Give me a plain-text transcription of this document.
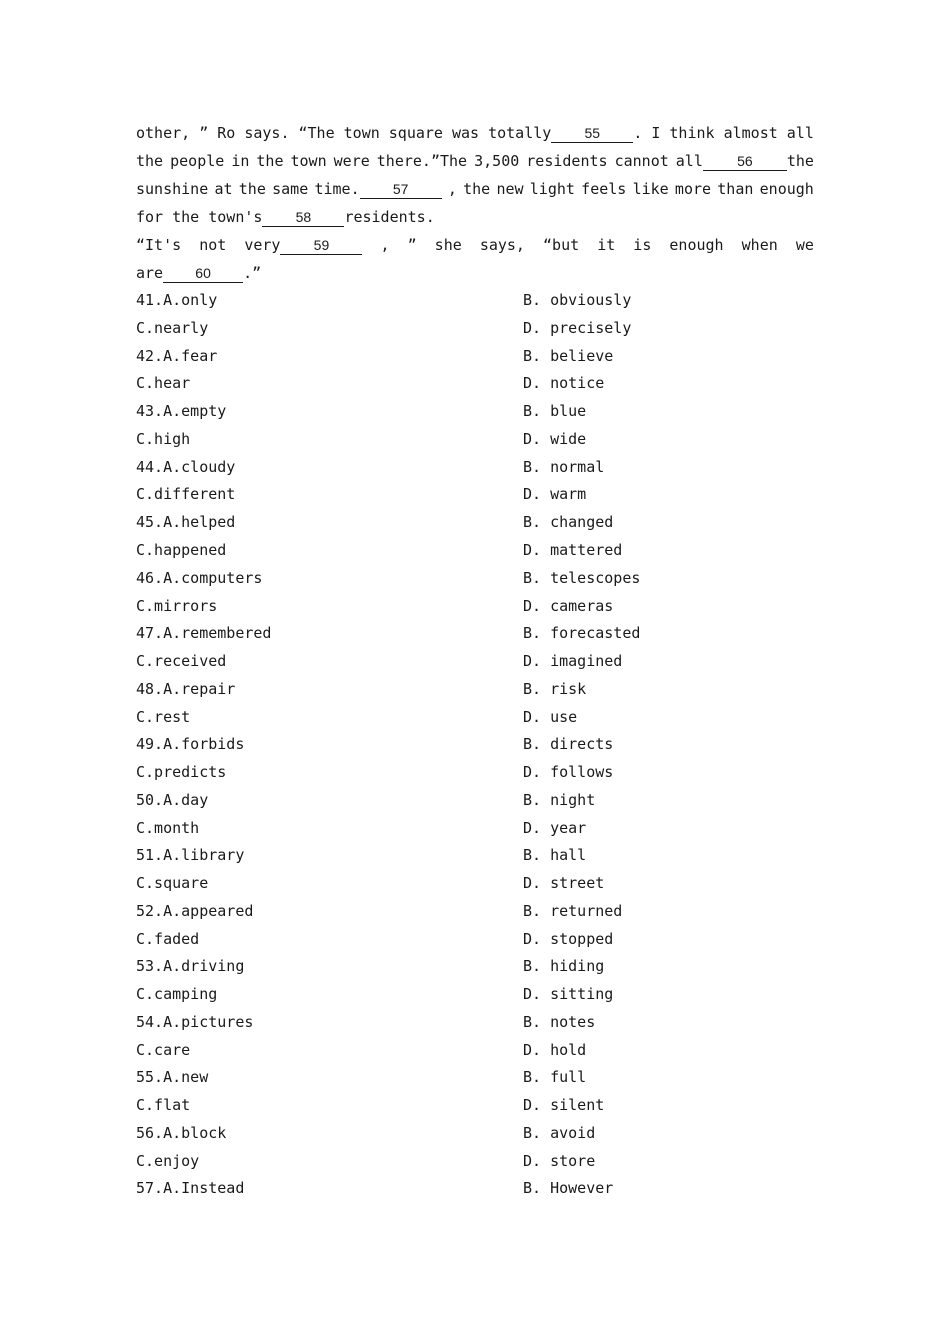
other, ” Ro says. “The town square was totally 55 . I think almost all
the people in the town were there.”The 3,500 residents cannot all 56 the
sunshine at the same time. 57	, the new light feels like more than enough
for the town's 58 residents.
“It's not very 59	, ” she says, “but it is enough when we
are 60 .”
41.A.only	B. obviously
C.nearly	D. precisely
42.A.fear	B. believe
C.hear	D. notice
43.A.empty	B. blue
C.high	D. wide
44.A.cloudy	B. normal
C.different	D. warm
45.A.helped	B. changed
C.happened	D. mattered
46.A.computers	B. telescopes
C.mirrors	D. cameras
47.A.remembered	B. forecasted
C.received	D. imagined
48.A.repair	B. risk
C.rest	D. use
49.A.forbids	B. directs
C.predicts	D. follows
50.A.day	B. night
C.month	D. year
51.A.library	B. hall
C.square	D. street
52.A.appeared	B. returned
C.faded	D. stopped
53.A.driving	B. hiding
C.camping	D. sitting
54.A.pictures	B. notes
C.care	D. hold
55.A.new	B. full
C.flat	D. silent
56.A.block	B. avoid
C.enjoy	D. store
57.A.Instead	B. However
